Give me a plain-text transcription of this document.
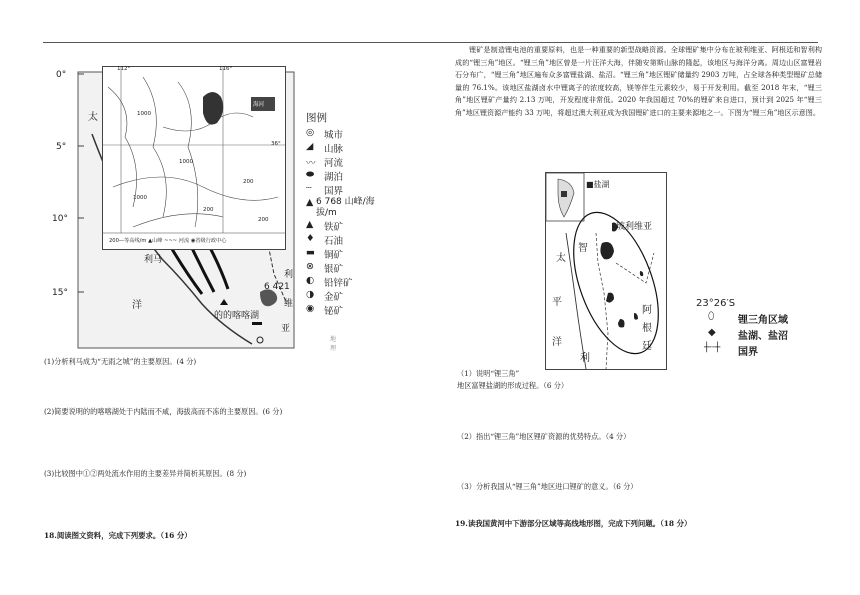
0°
5°
10°
15°
太
洋
利马
的的喀喀湖
6 421
利
维
亚
地理
112°	116°
36°
海河
1000
1000
1000
200
200
200
200—等高线/m ▲山峰 ~~~ 河流 ◉省级行政中心
图例
◎ 城市
◢ 山脉
〰 河流
⬬ 湖泊
┄ 国界
▲ 6 768 山峰/海拔/m
▲ 铁矿
♦ 石油
▬ 铜矿
⊗ 银矿
◐ 铅锌矿
◑ 金矿
◉ 铋矿
(1)分析利马成为“无雨之城”的主要原因。(4 分)
(2)简要说明的的喀喀湖处于内陆而不咸，海拔高而不冻的主要原因。(6 分)
(3)比较图中①②两处流水作用的主要差异并简析其原因。(8 分)
18.阅读图文资料，完成下列要求。（16 分）
锂矿是制造锂电池的重要原料，也是一种重要的新型战略资源。全球锂矿集中分布在玻利维亚、阿根廷和智利构成的“锂三角”地区。“锂三角”地区曾是一片汪洋大海，伴随安第斯山脉的隆起，该地区与海洋分离。周边山区富锂岩石分布广，“锂三角”地区遍布众多富锂盐湖、盐沼。“锂三角”地区锂矿储量约 2903 万吨，占全球各种类型锂矿总储量的 76.1%。该地区盐湖卤水中锂离子的浓度较高，镁等伴生元素较少，易于开发利用。截至 2018 年末，“锂三角”地区锂矿产量约 2.13 万吨，开发程度非常低。2020 年我国超过 70%的锂矿来自进口，预计到 2025 年“锂三角”地区锂资源产能约 33 万吨，将超过澳大利亚成为我国锂矿进口的主要来源地之一。下图为“锂三角”地区示意图。
■盐湖
玻利维亚
智
利
太
平
洋
阿
根
廷
23°26′S
⬯ 锂三角区域
◆ 盐湖、盐沼
┼┄┼ 国界
（1）说明“锂三角”
地区富锂盐湖的形成过程。（6 分）
（2）指出“锂三角”地区锂矿资源的优势特点。（4 分）
（3）分析我国从“锂三角”地区进口锂矿的意义。（6 分）
19.读我国黄河中下游部分区域等高线地形图，完成下列问题。（18 分）
